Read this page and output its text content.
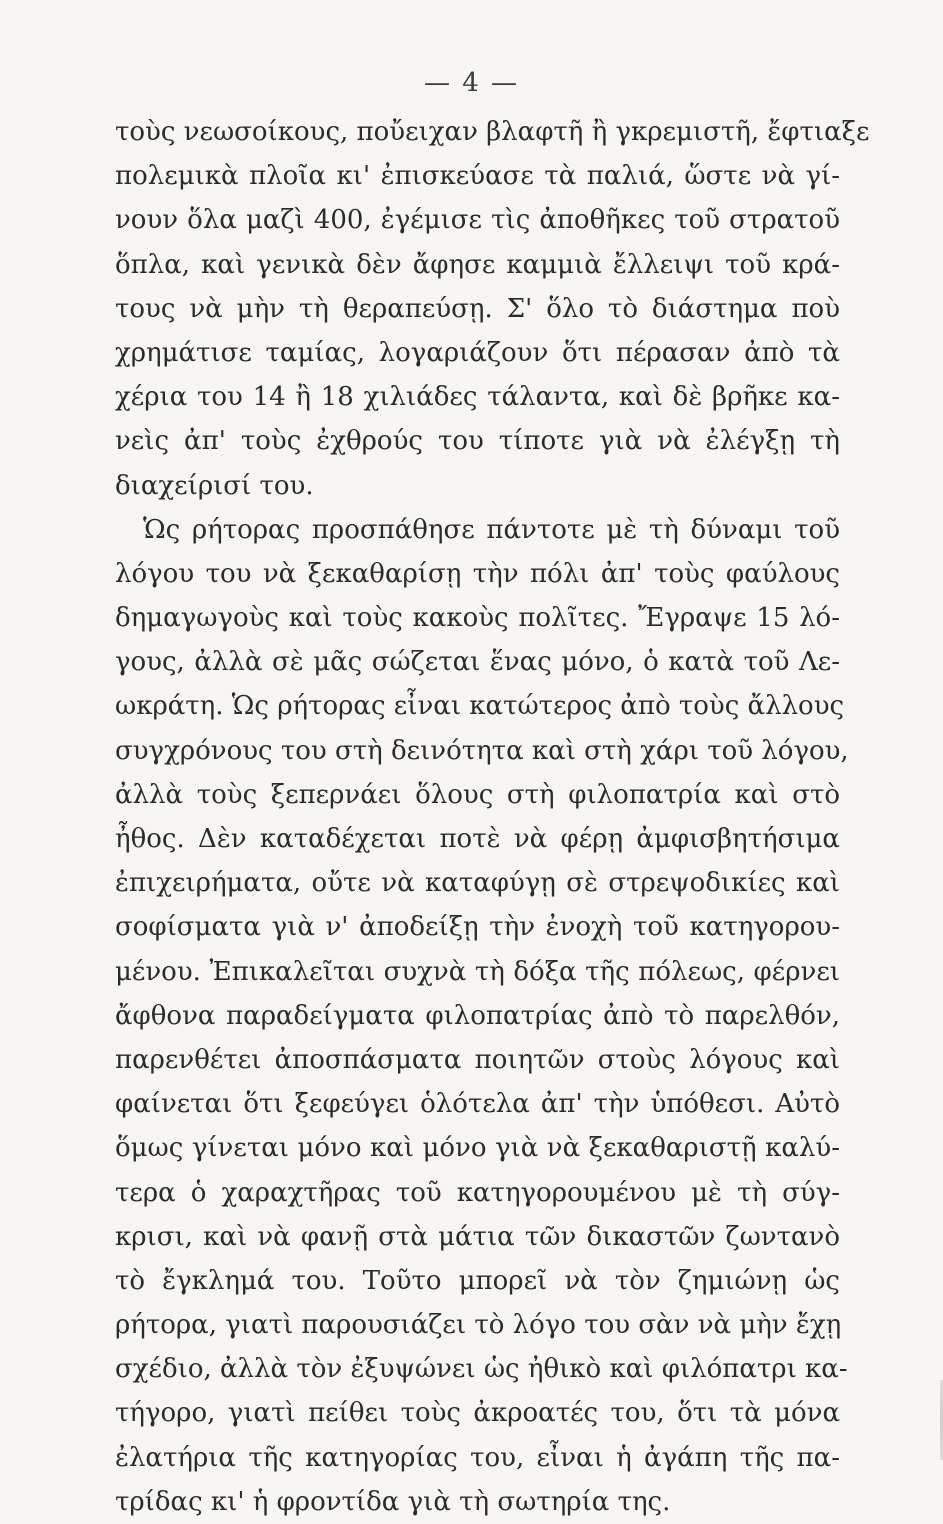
— 4 —
τοὺς νεωσοίκους, ποὔειχαν βλαφτῆ ἢ γκρεμιστῆ, ἔφτιαξε
πολεμικὰ πλοῖα κι' ἐπισκεύασε τὰ παλιά, ὥστε νὰ γί-
νουν ὅλα μαζὶ 400, ἐγέμισε τὶς ἀποθῆκες τοῦ στρατοῦ
ὅπλα, καὶ γενικὰ δὲν ἄφησε καμμιὰ ἔλλειψι τοῦ κρά-
τους νὰ μὴν τὴ θεραπεύσῃ. Σ' ὅλο τὸ διάστημα ποὺ
χρημάτισε ταμίας, λογαριάζουν ὅτι πέρασαν ἀπὸ τὰ
χέρια του 14 ἢ 18 χιλιάδες τάλαντα, καὶ δὲ βρῆκε κα-
νεὶς ἀπ' τοὺς ἐχθρούς του τίποτε γιὰ νὰ ἐλέγξῃ τὴ
διαχείρισί του.
Ὡς ρήτορας προσπάθησε πάντοτε μὲ τὴ δύναμι τοῦ
λόγου του νὰ ξεκαθαρίσῃ τὴν πόλι ἀπ' τοὺς φαύλους
δημαγωγοὺς καὶ τοὺς κακοὺς πολῖτες. Ἔγραψε 15 λό-
γους, ἀλλὰ σὲ μᾶς σώζεται ἕνας μόνο, ὁ κατὰ τοῦ Λε-
ωκράτη. Ὡς ρήτορας εἶναι κατώτερος ἀπὸ τοὺς ἄλλους
συγχρόνους του στὴ δεινότητα καὶ στὴ χάρι τοῦ λόγου,
ἀλλὰ τοὺς ξεπερνάει ὅλους στὴ φιλοπατρία καὶ στὸ
ἦθος. Δὲν καταδέχεται ποτὲ νὰ φέρῃ ἀμφισβητήσιμα
ἐπιχειρήματα, οὔτε νὰ καταφύγῃ σὲ στρεψοδικίες καὶ
σοφίσματα γιὰ ν' ἀποδείξῃ τὴν ἐνοχὴ τοῦ κατηγορου-
μένου. Ἐπικαλεῖται συχνὰ τὴ δόξα τῆς πόλεως, φέρνει
ἄφθονα παραδείγματα φιλοπατρίας ἀπὸ τὸ παρελθόν,
παρενθέτει ἀποσπάσματα ποιητῶν στοὺς λόγους καὶ
φαίνεται ὅτι ξεφεύγει ὁλότελα ἀπ' τὴν ὑπόθεσι. Αὐτὸ
ὅμως γίνεται μόνο καὶ μόνο γιὰ νὰ ξεκαθαριστῇ καλύ-
τερα ὁ χαραχτῆρας τοῦ κατηγορουμένου μὲ τὴ σύγ-
κρισι, καὶ νὰ φανῇ στὰ μάτια τῶν δικαστῶν ζωντανὸ
τὸ ἔγκλημά του. Τοῦτο μπορεῖ νὰ τὸν ζημιώνῃ ὡς
ρήτορα, γιατὶ παρουσιάζει τὸ λόγο του σὰν νὰ μὴν ἔχῃ
σχέδιο, ἀλλὰ τὸν ἐξυψώνει ὡς ἠθικὸ καὶ φιλόπατρι κα-
τήγορο, γιατὶ πείθει τοὺς ἀκροατές του, ὅτι τὰ μόνα
ἐλατήρια τῆς κατηγορίας του, εἶναι ἡ ἀγάπη τῆς πα-
τρίδας κι' ἡ φροντίδα γιὰ τὴ σωτηρία της.
